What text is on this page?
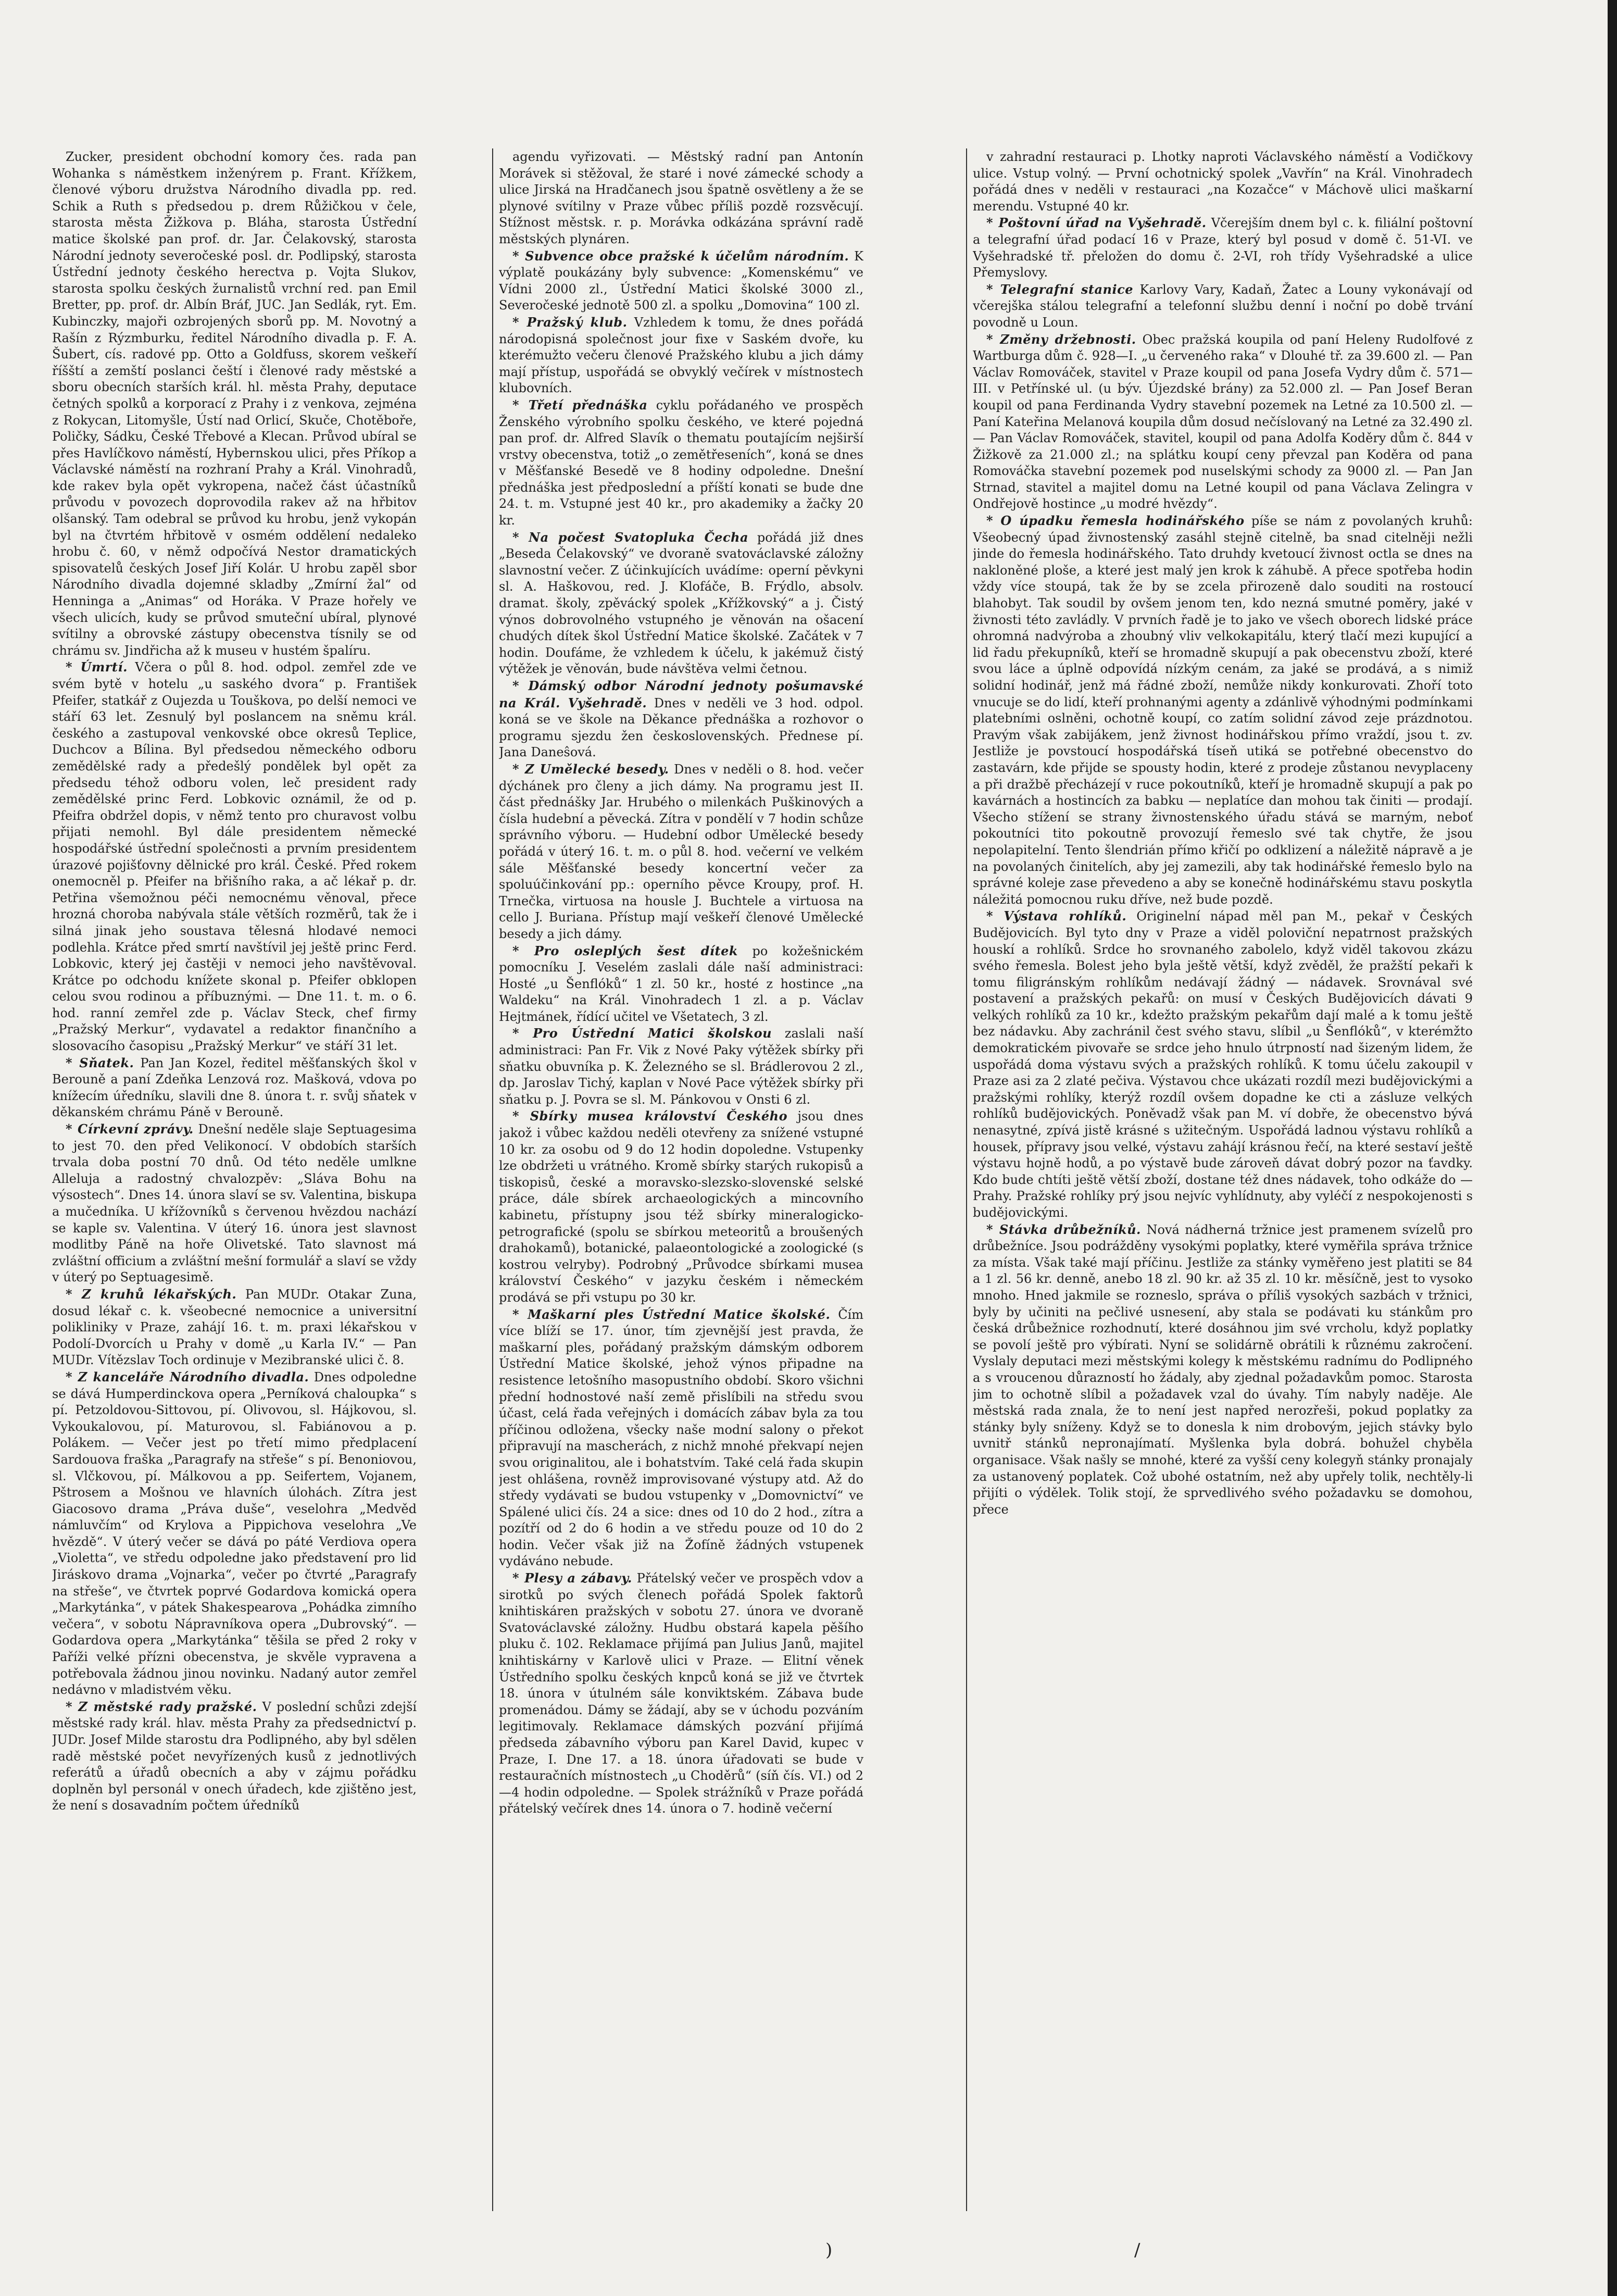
Zucker, president obchodní komory čes. rada pan Wohanka s náměstkem inženýrem p. Frant. Křížkem, členové výboru družstva Národního divadla pp. red. Schik a Ruth s předsedou p. drem Růžičkou v čele, starosta města Žižkova p. Bláha, starosta Ústřední matice školské pan prof. dr. Jar. Čelakovský, starosta Národní jednoty severočeské posl. dr. Podlipský, starosta Ústřední jednoty českého herectva p. Vojta Slukov, starosta spolku českých žurnalistů vrchní red. pan Emil Bretter, pp. prof. dr. Albín Bráf, JUC. Jan Sedlák, ryt. Em. Kubinczky, majoři ozbrojených sborů pp. M. Novotný a Rašín z Rýzmburku, ředitel Národního divadla p. F. A. Šubert, cís. radové pp. Otto a Goldfuss, skorem veškeří říšští a zemští poslanci čeští i členové rady městské a sboru obecních starších král. hl. města Prahy, deputace četných spolků a korporací z Prahy i z venkova, zejména z Rokycan, Litomyšle, Ústí nad Orlicí, Skuče, Chotěboře, Poličky, Sádku, České Třebové a Klecan. Průvod ubíral se přes Havlíčkovo náměstí, Hybernskou ulici, přes Příkop a Václavské náměstí na rozhraní Prahy a Král. Vinohradů, kde rakev byla opět vykropena, načež část účastníků průvodu v povozech doprovodila rakev až na hřbitov olšanský. Tam odebral se průvod ku hrobu, jenž vykopán byl na čtvrtém hřbitově v osmém oddělení nedaleko hrobu č. 60, v němž odpočívá Nestor dramatických spisovatelů českých Josef Jiří Kolár. U hrobu zapěl sbor Národního divadla dojemné skladby „Zmírní žal“ od Henninga a „Animas“ od Horáka. V Praze hořely ve všech ulicích, kudy se průvod smuteční ubíral, plynové svítilny a obrovské zástupy obecenstva tísnily se od chrámu sv. Jindřicha až k museu v hustém špalíru.

* Úmrtí. Včera o půl 8. hod. odpol. zemřel zde ve svém bytě v hotelu „u saského dvora“ p. František Pfeifer, statkář z Oujezda u Touškova, po delší nemoci ve stáří 63 let. Zesnulý byl poslancem na sněmu král. českého a zastupoval venkovské obce okresů Teplice, Duchcov a Bílina. Byl předsedou německého odboru zemědělské rady a předešlý pondělek byl opět za předsedu téhož odboru volen, leč president rady zemědělské princ Ferd. Lobkovic oznámil, že od p. Pfeifra obdržel dopis, v němž tento pro churavost volbu přijati nemohl. Byl dále presidentem německé hospodářské ústřední společnosti a prvním presidentem úrazové pojišťovny dělnické pro král. České. Před rokem onemocněl p. Pfeifer na břišního raka, a ač lékař p. dr. Petřina všemožnou péči nemocnému věnoval, přece hrozná choroba nabývala stále větších rozměrů, tak že i silná jinak jeho soustava tělesná hlodavé nemoci podlehla. Krátce před smrtí navštívil jej ještě princ Ferd. Lobkovic, který jej častěji v nemoci jeho navštěvoval. Krátce po odchodu knížete skonal p. Pfeifer obklopen celou svou rodinou a příbuznými. — Dne 11. t. m. o 6. hod. ranní zemřel zde p. Václav Steck, chef firmy „Pražský Merkur“, vydavatel a redaktor finančního a slosovacího časopisu „Pražský Merkur“ ve stáří 31 let.

* Sňatek. Pan Jan Kozel, ředitel měšťanských škol v Berouně a paní Zdeňka Lenzová roz. Mašková, vdova po knížecím úředníku, slavili dne 8. února t. r. svůj sňatek v děkanském chrámu Páně v Berouně.

* Církevní zprávy. Dnešní neděle slaje Septuagesima to jest 70. den před Velikonocí. V obdobích starších trvala doba postní 70 dnů. Od této neděle umlkne Alleluja a radostný chvalozpěv: „Sláva Bohu na výsostech“. Dnes 14. února slaví se sv. Valentina, biskupa a mučedníka. U křížovníků s červenou hvězdou nachází se kaple sv. Valentina. V úterý 16. února jest slavnost modlitby Páně na hoře Olivetské. Tato slavnost má zvláštní officium a zvláštní mešní formulář a slaví se vždy v úterý po Septuagesimě.

* Z kruhů lékařských. Pan MUDr. Otakar Zuna, dosud lékař c. k. všeobecné nemocnice a universitní polikliniky v Praze, zahájí 16. t. m. praxi lékařskou v Podolí-Dvorcích u Prahy v domě „u Karla IV.“ — Pan MUDr. Vítězslav Toch ordinuje v Mezibranské ulici č. 8.

* Z kanceláře Národního divadla. Dnes odpoledne se dává Humperdinckova opera „Perníková chaloupka“ s pí. Petzoldovou-Sittovou, pí. Olivovou, sl. Hájkovou, sl. Vykoukalovou, pí. Maturovou, sl. Fabiánovou a p. Polákem. — Večer jest po třetí mimo předplacení Sardouova fraška „Paragrafy na střeše“ s pí. Benoniovou, sl. Vlčkovou, pí. Málkovou a pp. Seifertem, Vojanem, Pštrosem a Mošnou ve hlavních úlohách. Zítra jest Giacosovo drama „Práva duše“, veselohra „Medvěd námluvčím“ od Krylova a Pippichova veselohra „Ve hvězdě“. V úterý večer se dává po páté Verdiova opera „Violetta“, ve středu odpoledne jako představení pro lid Jiráskovo drama „Vojnarka“, večer po čtvrté „Paragrafy na střeše“, ve čtvrtek poprvé Godardova komická opera „Markytánka“, v pátek Shakespearova „Pohádka zimního večera“, v sobotu Nápravníkova opera „Dubrovský“. — Godardova opera „Markytánka“ těšila se před 2 roky v Paříži velké přízni obecenstva, je skvěle vypravena a potřebovala žádnou jinou novinku. Nadaný autor zemřel nedávno v mladistvém věku.

* Z městské rady pražské. V poslední schůzi zdejší městské rady král. hlav. města Prahy za předsednictví p. JUDr. Josef Milde starostu dra Podlipného, aby byl sdělen radě městské počet nevyřízených kusů z jednotlivých referátů a úřadů obecních a aby v zájmu pořádku doplněn byl personál v onech úřadech, kde zjištěno jest, že není s dosavadním počtem úředníků

agendu vyřizovati. — Městský radní pan Antonín Morávek si stěžoval, že staré i nové zámecké schody a ulice Jirská na Hradčanech jsou špatně osvětleny a že se plynové svítilny v Praze vůbec příliš pozdě rozsvěcují. Stížnost městsk. r. p. Morávka odkázána správní radě městských plynáren.

* Subvence obce pražské k účelům národním. K výplatě poukázány byly subvence: „Komenskému“ ve Vídni 2000 zl., Ústřední Matici školské 3000 zl., Severočeské jednotě 500 zl. a spolku „Domovina“ 100 zl.

* Pražský klub. Vzhledem k tomu, že dnes pořádá národopisná společnost jour fixe v Saském dvoře, ku kterémužto večeru členové Pražského klubu a jich dámy mají přístup, uspořádá se obvyklý večírek v místnostech klubovních.

* Třetí přednáška cyklu pořádaného ve prospěch Ženského výrobního spolku českého, ve které pojedná pan prof. dr. Alfred Slavík o thematu poutajícím nejširší vrstvy obecenstva, totiž „o zemětřeseních“, koná se dnes v Měšťanské Besedě ve 8 hodiny odpoledne. Dnešní přednáška jest předposlední a příští konati se bude dne 24. t. m. Vstupné jest 40 kr., pro akademiky a žačky 20 kr.

* Na počest Svatopluka Čecha pořádá již dnes „Beseda Čelakovský“ ve dvoraně svatováclavské záložny slavnostní večer. Z účinkujících uvádíme: operní pěvkyni sl. A. Haškovou, red. J. Klofáče, B. Frýdlo, absolv. dramat. školy, zpěvácký spolek „Křížkovský“ a j. Čistý výnos dobrovolného vstupného je věnován na ošacení chudých dítek škol Ústřední Matice školské. Začátek v 7 hodin. Doufáme, že vzhledem k účelu, k jakémuž čistý výtěžek je věnován, bude návštěva velmi četnou.

* Dámský odbor Národní jednoty pošumavské na Král. Vyšehradě. Dnes v neděli ve 3 hod. odpol. koná se ve škole na Děkance přednáška a rozhovor o programu sjezdu žen československých. Přednese pí. Jana Daneŝová.

* Z Umělecké besedy. Dnes v neděli o 8. hod. večer dýchánek pro členy a jich dámy. Na programu jest II. část přednášky Jar. Hrubého o milenkách Puškinových a čísla hudební a pěvecká. Zítra v pondělí v 7 hodin schůze správního výboru. — Hudební odbor Umělecké besedy pořádá v úterý 16. t. m. o půl 8. hod. večerní ve velkém sále Měšťanské besedy koncertní večer za spoluúčinkování pp.: operního pěvce Kroupy, prof. H. Trnečka, virtuosa na housle J. Buchtele a virtuosa na cello J. Buriana. Přístup mají veškeří členové Umělecké besedy a jich dámy.

* Pro osleplých šest dítek po kožešnickém pomocníku J. Veselém zaslali dále naší administraci: Hosté „u Šenflóků“ 1 zl. 50 kr., hosté z hostince „na Waldeku“ na Král. Vinohradech 1 zl. a p. Václav Hejtmánek, řídící učitel ve Všetatech, 3 zl.

* Pro Ústřední Matici školskou zaslali naší administraci: Pan Fr. Vik z Nové Paky výtěžek sbírky při sňatku obuvníka p. K. Železného se sl. Brádlerovou 2 zl., dp. Jaroslav Tichý, kaplan v Nové Pace výtěžek sbírky při sňatku p. J. Povra se sl. M. Pánkovou v Onsti 6 zl.

* Sbírky musea království Českého jsou dnes jakož i vůbec každou neděli otevřeny za snížené vstupné 10 kr. za osobu od 9 do 12 hodin dopoledne. Vstupenky lze obdržeti u vrátného. Kromě sbírky starých rukopisů a tiskopisů, české a moravsko-slezsko-slovenské selské práce, dále sbírek archaeologických a mincovního kabinetu, přístupny jsou též sbírky mineralogicko-petrografické (spolu se sbírkou meteoritů a broušených drahokamů), botanické, palaeontologické a zoologické (s kostrou velryby). Podrobný „Průvodce sbírkami musea království Českého“ v jazyku českém i německém prodává se při vstupu po 30 kr.

* Maškarní ples Ústřední Matice školské. Čím více blíží se 17. únor, tím zjevnější jest pravda, že maškarní ples, pořádaný pražským dámským odborem Ústřední Matice školské, jehož výnos připadne na resistence letošního masopustního období. Skoro všichni přední hodnostové naší země přislíbili na středu svou účast, celá řada veřejných i domácích zábav byla za tou příčinou odložena, všecky naše modní salony o překot připravují na mascherách, z nichž mnohé překvapí nejen svou originalitou, ale i bohatstvím. Také celá řada skupin jest ohlášena, rovněž improvisované výstupy atd. Až do středy vydávati se budou vstupenky v „Domovnictví“ ve Spálené ulici čís. 24 a sice: dnes od 10 do 2 hod., zítra a pozítří od 2 do 6 hodin a ve středu pouze od 10 do 2 hodin. Večer však již na Žofíně žádných vstupenek vydáváno nebude.

* Plesy a zábavy. Přátelský večer ve prospěch vdov a sirotků po svých členech pořádá Spolek faktorů knihtiskáren pražských v sobotu 27. února ve dvoraně Svatováclavské záložny. Hudbu obstará kapela pěšího pluku č. 102. Reklamace přijímá pan Julius Janů, majitel knihtiskárny v Karlově ulici v Praze. — Elitní věnek Ústředního spolku českých knpců koná se již ve čtvrtek 18. února v útulném sále konviktském. Zábava bude promenádou. Dámy se žádají, aby se v úchodu pozváním legitimovaly. Reklamace dámských pozvání přijímá předseda zábavního výboru pan Karel David, kupec v Praze, I. Dne 17. a 18. února úřadovati se bude v restauračních místnostech „u Choděrů“ (síň čís. VI.) od 2—4 hodin odpoledne. — Spolek strážníků v Praze pořádá přátelský večírek dnes 14. února o 7. hodině večerní

v zahradní restauraci p. Lhotky naproti Václavského náměstí a Vodičkovy ulice. Vstup volný. — První ochotnický spolek „Vavřín“ na Král. Vinohradech pořádá dnes v neděli v restauraci „na Kozačce“ v Máchově ulici maškarní merendu. Vstupné 40 kr.

* Poštovní úřad na Vyšehradě. Včerejším dnem byl c. k. filiální poštovní a telegrafní úřad podací 16 v Praze, který byl posud v domě č. 51-VI. ve Vyšehradské tř. přeložen do domu č. 2-VI, roh třídy Vyšehradské a ulice Přemyslovy.

* Telegrafní stanice Karlovy Vary, Kadaň, Žatec a Louny vykonávají od včerejška stálou telegrafní a telefonní službu denní i noční po době trvání povodně u Loun.

* Změny držebnosti. Obec pražská koupila od paní Heleny Rudolfové z Wartburga dům č. 928—I. „u červeného raka“ v Dlouhé tř. za 39.600 zl. — Pan Václav Romováček, stavitel v Praze koupil od pana Josefa Vydry dům č. 571—III. v Petřínské ul. (u býv. Újezdské brány) za 52.000 zl. — Pan Josef Beran koupil od pana Ferdinanda Vydry stavební pozemek na Letné za 10.500 zl. — Paní Kateřina Melanová koupila dům dosud nečíslovaný na Letné za 32.490 zl. — Pan Václav Romováček, stavitel, koupil od pana Adolfa Koděry dům č. 844 v Žižkově za 21.000 zl.; na splátku koupí ceny převzal pan Koděra od pana Romováčka stavební pozemek pod nuselskými schody za 9000 zl. — Pan Jan Strnad, stavitel a majitel domu na Letné koupil od pana Václava Zelingra v Ondřejově hostince „u modré hvězdy“.

* O úpadku řemesla hodinářského píše se nám z povolaných kruhů: Všeobecný úpad živnostenský zasáhl stejně citelně, ba snad citelněji nežli jinde do řemesla hodinářského. Tato druhdy kvetoucí živnost octla se dnes na nakloněné ploše, a které jest malý jen krok k záhubě. A přece spotřeba hodin vždy více stoupá, tak že by se zcela přirozeně dalo souditi na rostoucí blahobyt. Tak soudil by ovšem jenom ten, kdo nezná smutné poměry, jaké v živnosti této zavládly. V prvních řadě je to jako ve všech oborech lidské práce ohromná nadvýroba a zhoubný vliv velkokapitálu, který tlačí mezi kupující a lid řadu překupníků, kteří se hromadně skupují a pak obecenstvu zboží, které svou láce a úplně odpovídá nízkým cenám, za jaké se prodává, a s nimiž solidní hodinář, jenž má řádné zboží, nemůže nikdy konkurovati. Zhoří toto vnucuje se do lidí, kteří prohnanými agenty a zdánlivě výhodnými podmínkami platebními oslněni, ochotně koupí, co zatím solidní závod zeje prázdnotou. Pravým však zabijákem, jenž živnost hodinářskou přímo vraždí, jsou t. zv. Jestliže je povstoucí hospodářská tíseň utiká se potřebné obecenstvo do zastavárn, kde přijde se spousty hodin, které z prodeje zůstanou nevyplaceny a při dražbě přecházejí v ruce pokoutníků, kteří je hromadně skupují a pak po kavárnách a hostincích za babku — neplatíce dan mohou tak činiti — prodají. Všecho stížení se strany živnostenského úřadu stává se marným, neboť pokoutníci tito pokoutně provozují řemeslo své tak chytře, že jsou nepolapitelní. Tento šlendrián přímo křičí po odklizení a náležitě nápravě a je na povolaných činitelích, aby jej zamezili, aby tak hodinářské řemeslo bylo na správné koleje zase převedeno a aby se konečně hodinářskému stavu poskytla náležitá pomocnou ruku dříve, než bude pozdě.

* Výstava rohlíků. Originelní nápad měl pan M., pekař v Českých Budějovicích. Byl tyto dny v Praze a viděl poloviční nepatrnost pražských houskí a rohlíků. Srdce ho srovnaného zabolelo, když viděl takovou zkázu svého řemesla. Bolest jeho byla ještě větší, když zvěděl, že pražští pekaři k tomu filigránským rohlíkům nedávají žádný — nádavek. Srovnával své postavení a pražských pekařů: on musí v Českých Budějovicích dávati 9 velkých rohlíků za 10 kr., kdežto pražským pekařům dají malé a k tomu ještě bez nádavku. Aby zachránil čest svého stavu, slíbil „u Šenflóků“, v kterémžto demokratickém pivovaře se srdce jeho hnulo útrpností nad šizeným lidem, že uspořádá doma výstavu svých a pražských rohlíků. K tomu účelu zakoupil v Praze asi za 2 zlaté pečiva. Výstavou chce ukázati rozdíl mezi budějovickými a pražskými rohlíky, kterýž rozdíl ovšem dopadne ke cti a zásluze velkých rohlíků budějovických. Poněvadž však pan M. ví dobře, že obecenstvo bývá nenasytné, zpívá jistě krásné s užitečným. Uspořádá ladnou výstavu rohlíků a housek, přípravy jsou velké, výstavu zahájí krásnou řečí, na které sestaví ještě výstavu hojně hodů, a po výstavě bude zároveň dávat dobrý pozor na ťavdky. Kdo bude chtíti ještě větší zboží, dostane též dnes nádavek, toho odkáže do — Prahy. Pražské rohlíky prý jsou nejvíc vyhlídnuty, aby vyléčí z nespokojenosti s budějovickými.

* Stávka drůbežníků. Nová nádherná tržnice jest pramenem svízelů pro drůbežníce. Jsou podrážděny vysokými poplatky, které vyměřila správa tržnice za místa. Však také mají příčinu. Jestliže za stánky vyměřeno jest platiti se 84 a 1 zl. 56 kr. denně, anebo 18 zl. 90 kr. až 35 zl. 10 kr. měsíčně, jest to vysoko mnoho. Hned jakmile se rozneslo, správa o příliš vysokých sazbách v tržnici, byly by učiniti na pečlivé usnesení, aby stala se podávati ku stánkům pro česká drůbežnice rozhodnutí, které dosáhnou jim své vrcholu, když poplatky se povolí ještě pro výbírati. Nyní se solidárně obrátili k různému zakročení. Vyslaly deputaci mezi městskými kolegy k městskému radnímu do Podlipného a s vroucenou důrazností ho žádaly, aby zjednal požadavkům pomoc. Starosta jim to ochotně slíbil a požadavek vzal do úvahy. Tím nabyly naděje. Ale městská rada znala, že to není jest napřed nerozřeši, pokud poplatky za stánky byly sníženy. Když se to donesla k nim drobovým, jejich stávky bylo uvnitř stánků nepronajímatí. Myšlenka byla dobrá. bohužel chyběla organisace. Však našly se mnohé, které za vyšší ceny kolegyň stánky pronajaly za ustanovený poplatek. Což ubohé ostatním, než aby upřely tolik, nechtěly-li přijíti o výdělek. Tolik stojí, že sprvedlivého svého požadavku se domohou, přece

)	/
